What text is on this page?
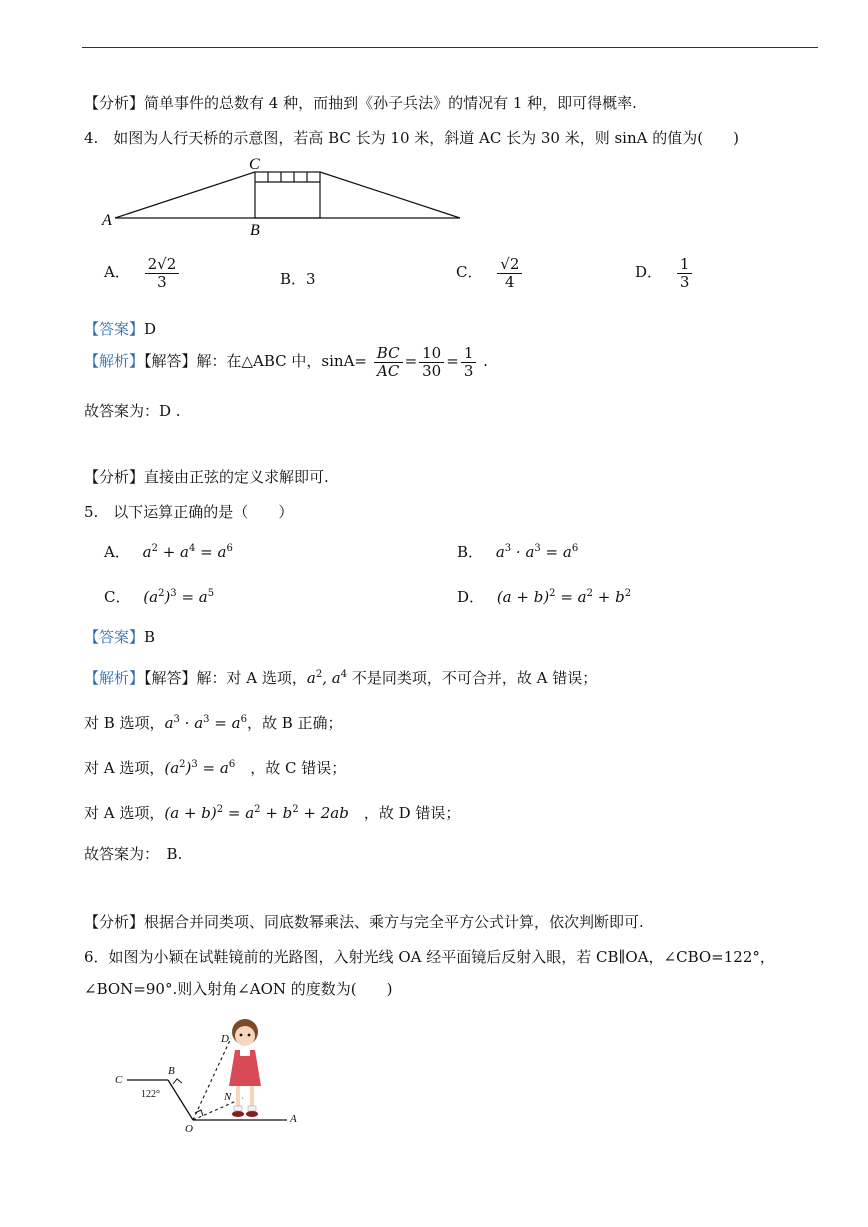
【分析】简单事件的总数有 4 种，而抽到《孙子兵法》的情况有 1 种，即可得概率.
4.　如图为人行天桥的示意图，若高 BC 长为 10 米，斜道 AC 长为 30 米，则 sinA 的值为(　　)
C
A
B
A． $\frac{2√2}{3}$	B．3	C． $\frac{√2}{4}$	D． $\frac{1}{3}$
【答案】D
【解析】【解答】解：在△ABC 中，$\sin A= \frac{BC}{AC} = \frac{10}{30} = \frac{1}{3}$ .
故答案为：D .
【分析】直接由正弦的定义求解即可.
5.　以下运算正确的是（　　）
A． $a^2 + a^4 = a^6$	B． $a^3 \cdot a^3 = a^6$
C． $(a^2)^3 = a^5$	D． $(a + b)^2 = a^2 + b^2$
【答案】B
【解析】【解答】解：对 A 选项，$a^2$, $a^4$ 不是同类项，不可合并，故 A 错误；
对 B 选项，$a^3 \cdot a^3 = a^6$，故 B 正确；
对 A 选项，$(a^2)^3 = a^6$　 ，故 C 错误；
对 A 选项，$(a + b)^2 = a^2 + b^2 + 2ab$　 ，故 D 错误；
故答案为：　B.
【分析】根据合并同类项、同底数幂乘法、乘方与完全平方公式计算，依次判断即可.
6．如图为小颖在试鞋镜前的光路图，入射光线 OA 经平面镜后反射入眼，若 CB∥OA，∠CBO=122°，
∠BON=90°.则入射角∠AON 的度数为(　　)
C
B
D
N
O
A
122°
